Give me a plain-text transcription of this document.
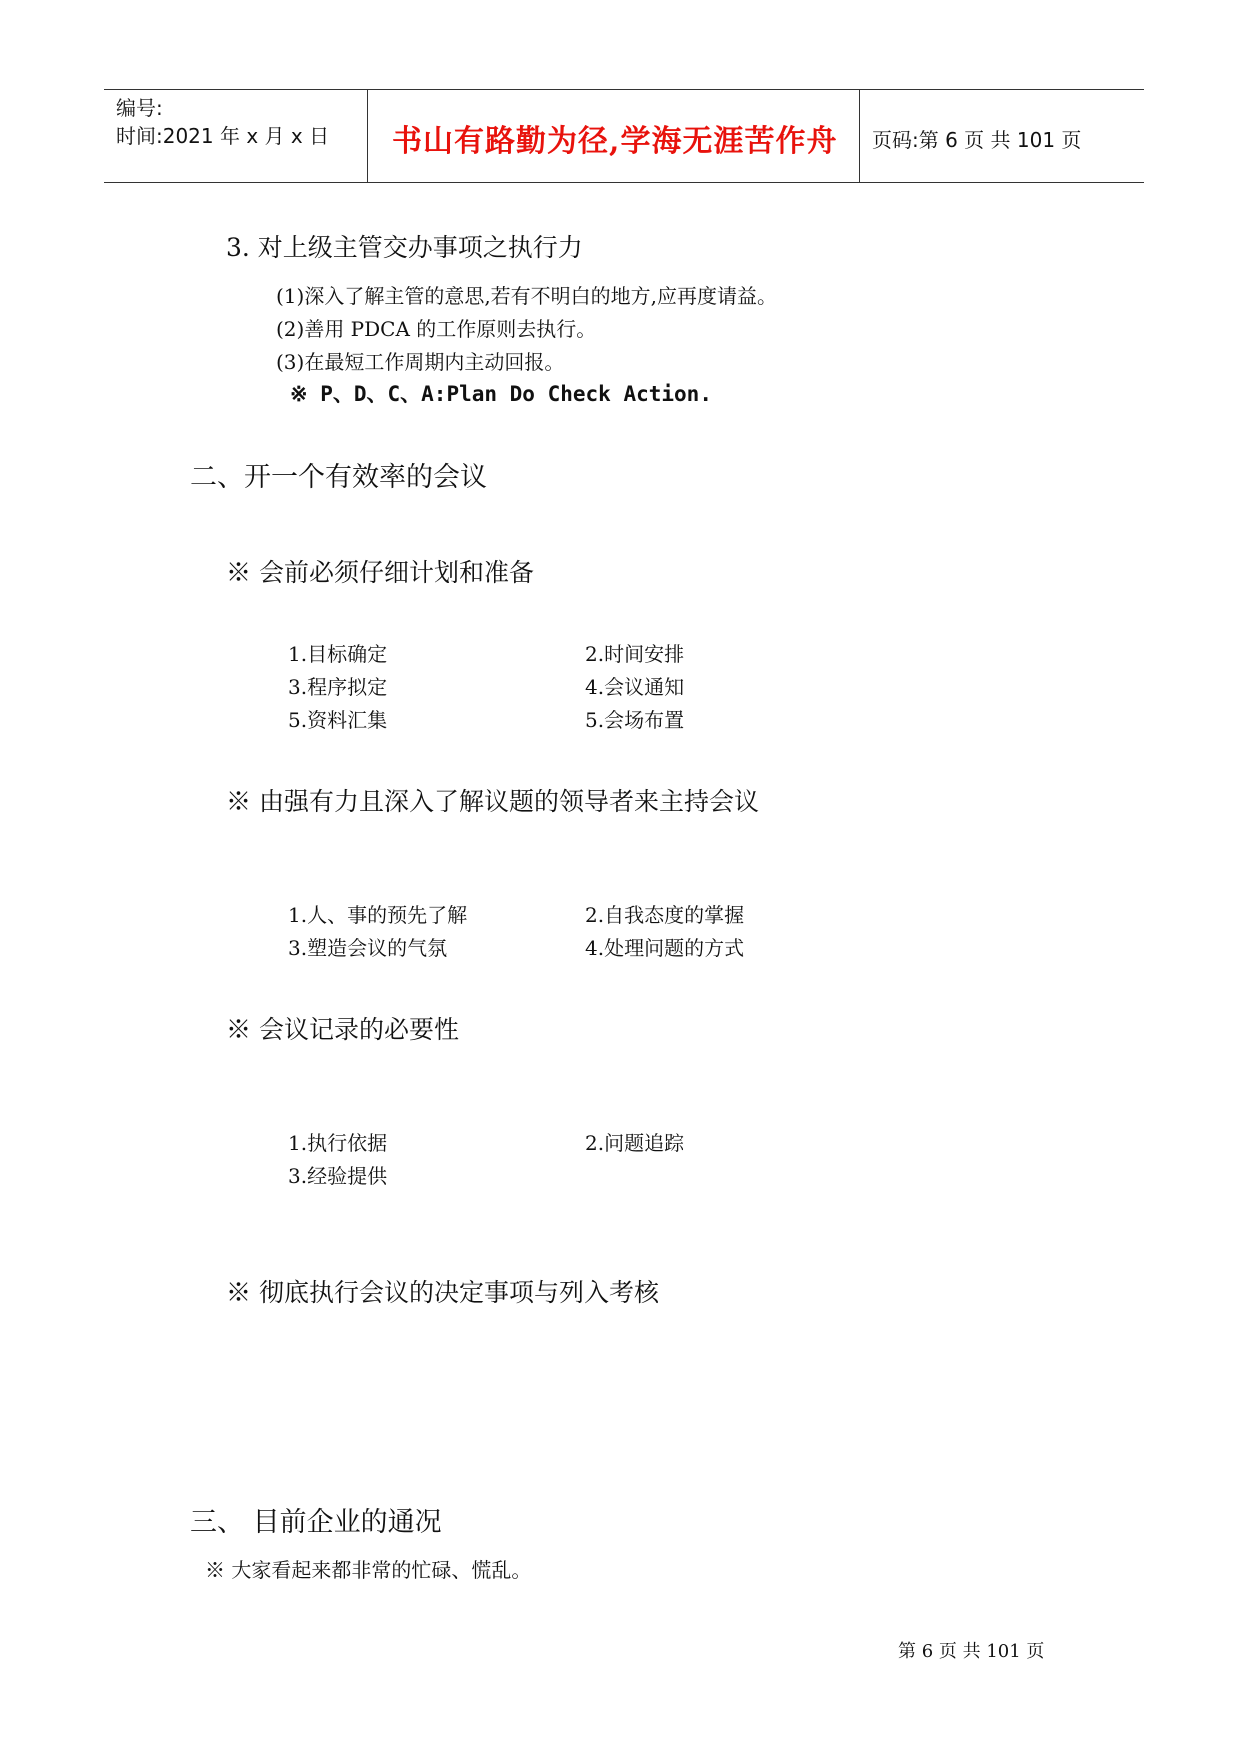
编号:
时间:2021 年 x 月 x 日 书山有路勤为径,学海无涯苦作舟 页码:第 6 页 共 101 页
3. 对上级主管交办事项之执行力
(1)深入了解主管的意思,若有不明白的地方,应再度请益。
(2)善用 PDCA 的工作原则去执行。
(3)在最短工作周期内主动回报。
※ P、D、C、A:Plan Do Check Action.
二、开一个有效率的会议
※ 会前必须仔细计划和准备
1.目标确定
3.程序拟定
5.资料汇集
2.时间安排
4.会议通知
5.会场布置
※ 由强有力且深入了解议题的领导者来主持会议
1.人、事的预先了解
3.塑造会议的气氛
2.自我态度的掌握
4.处理问题的方式
※ 会议记录的必要性
1.执行依据
3.经验提供
2.问题追踪
※ 彻底执行会议的决定事项与列入考核
三、 目前企业的通况
※ 大家看起来都非常的忙碌、慌乱。
第 6 页 共 101 页
